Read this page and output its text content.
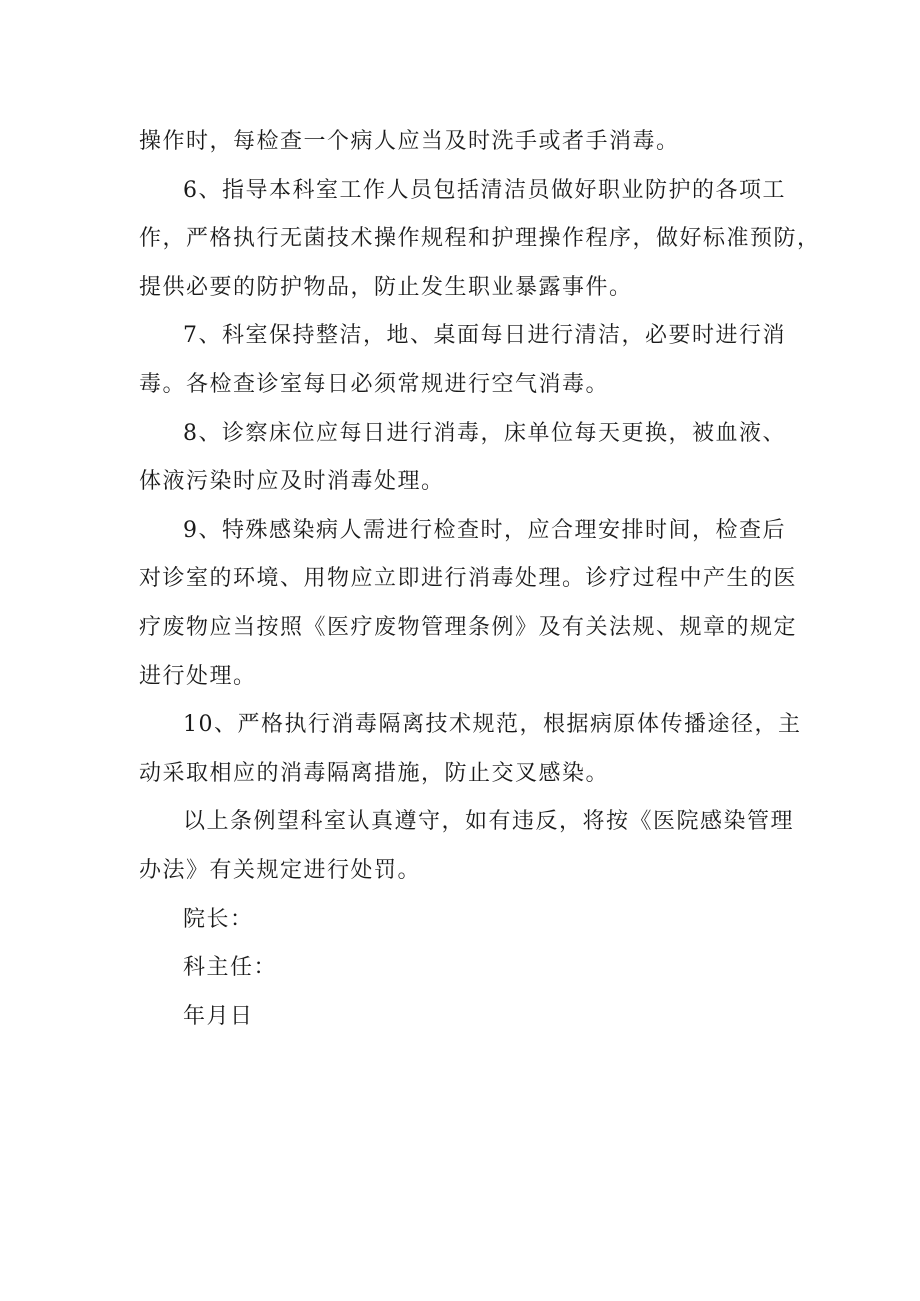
操作时，每检查一个病人应当及时洗手或者手消毒。

6、指导本科室工作人员包括清洁员做好职业防护的各项工
作，严格执行无菌技术操作规程和护理操作程序，做好标准预防，
提供必要的防护物品，防止发生职业暴露事件。

7、科室保持整洁，地、桌面每日进行清洁，必要时进行消
毒。各检查诊室每日必须常规进行空气消毒。

8、诊察床位应每日进行消毒，床单位每天更换，被血液、
体液污染时应及时消毒处理。

9、特殊感染病人需进行检查时，应合理安排时间，检查后
对诊室的环境、用物应立即进行消毒处理。诊疗过程中产生的医
疗废物应当按照《医疗废物管理条例》及有关法规、规章的规定
进行处理。

10、严格执行消毒隔离技术规范，根据病原体传播途径，主
动采取相应的消毒隔离措施，防止交叉感染。

以上条例望科室认真遵守，如有违反，将按《医院感染管理
办法》有关规定进行处罚。

院长：

科主任：

年月日
